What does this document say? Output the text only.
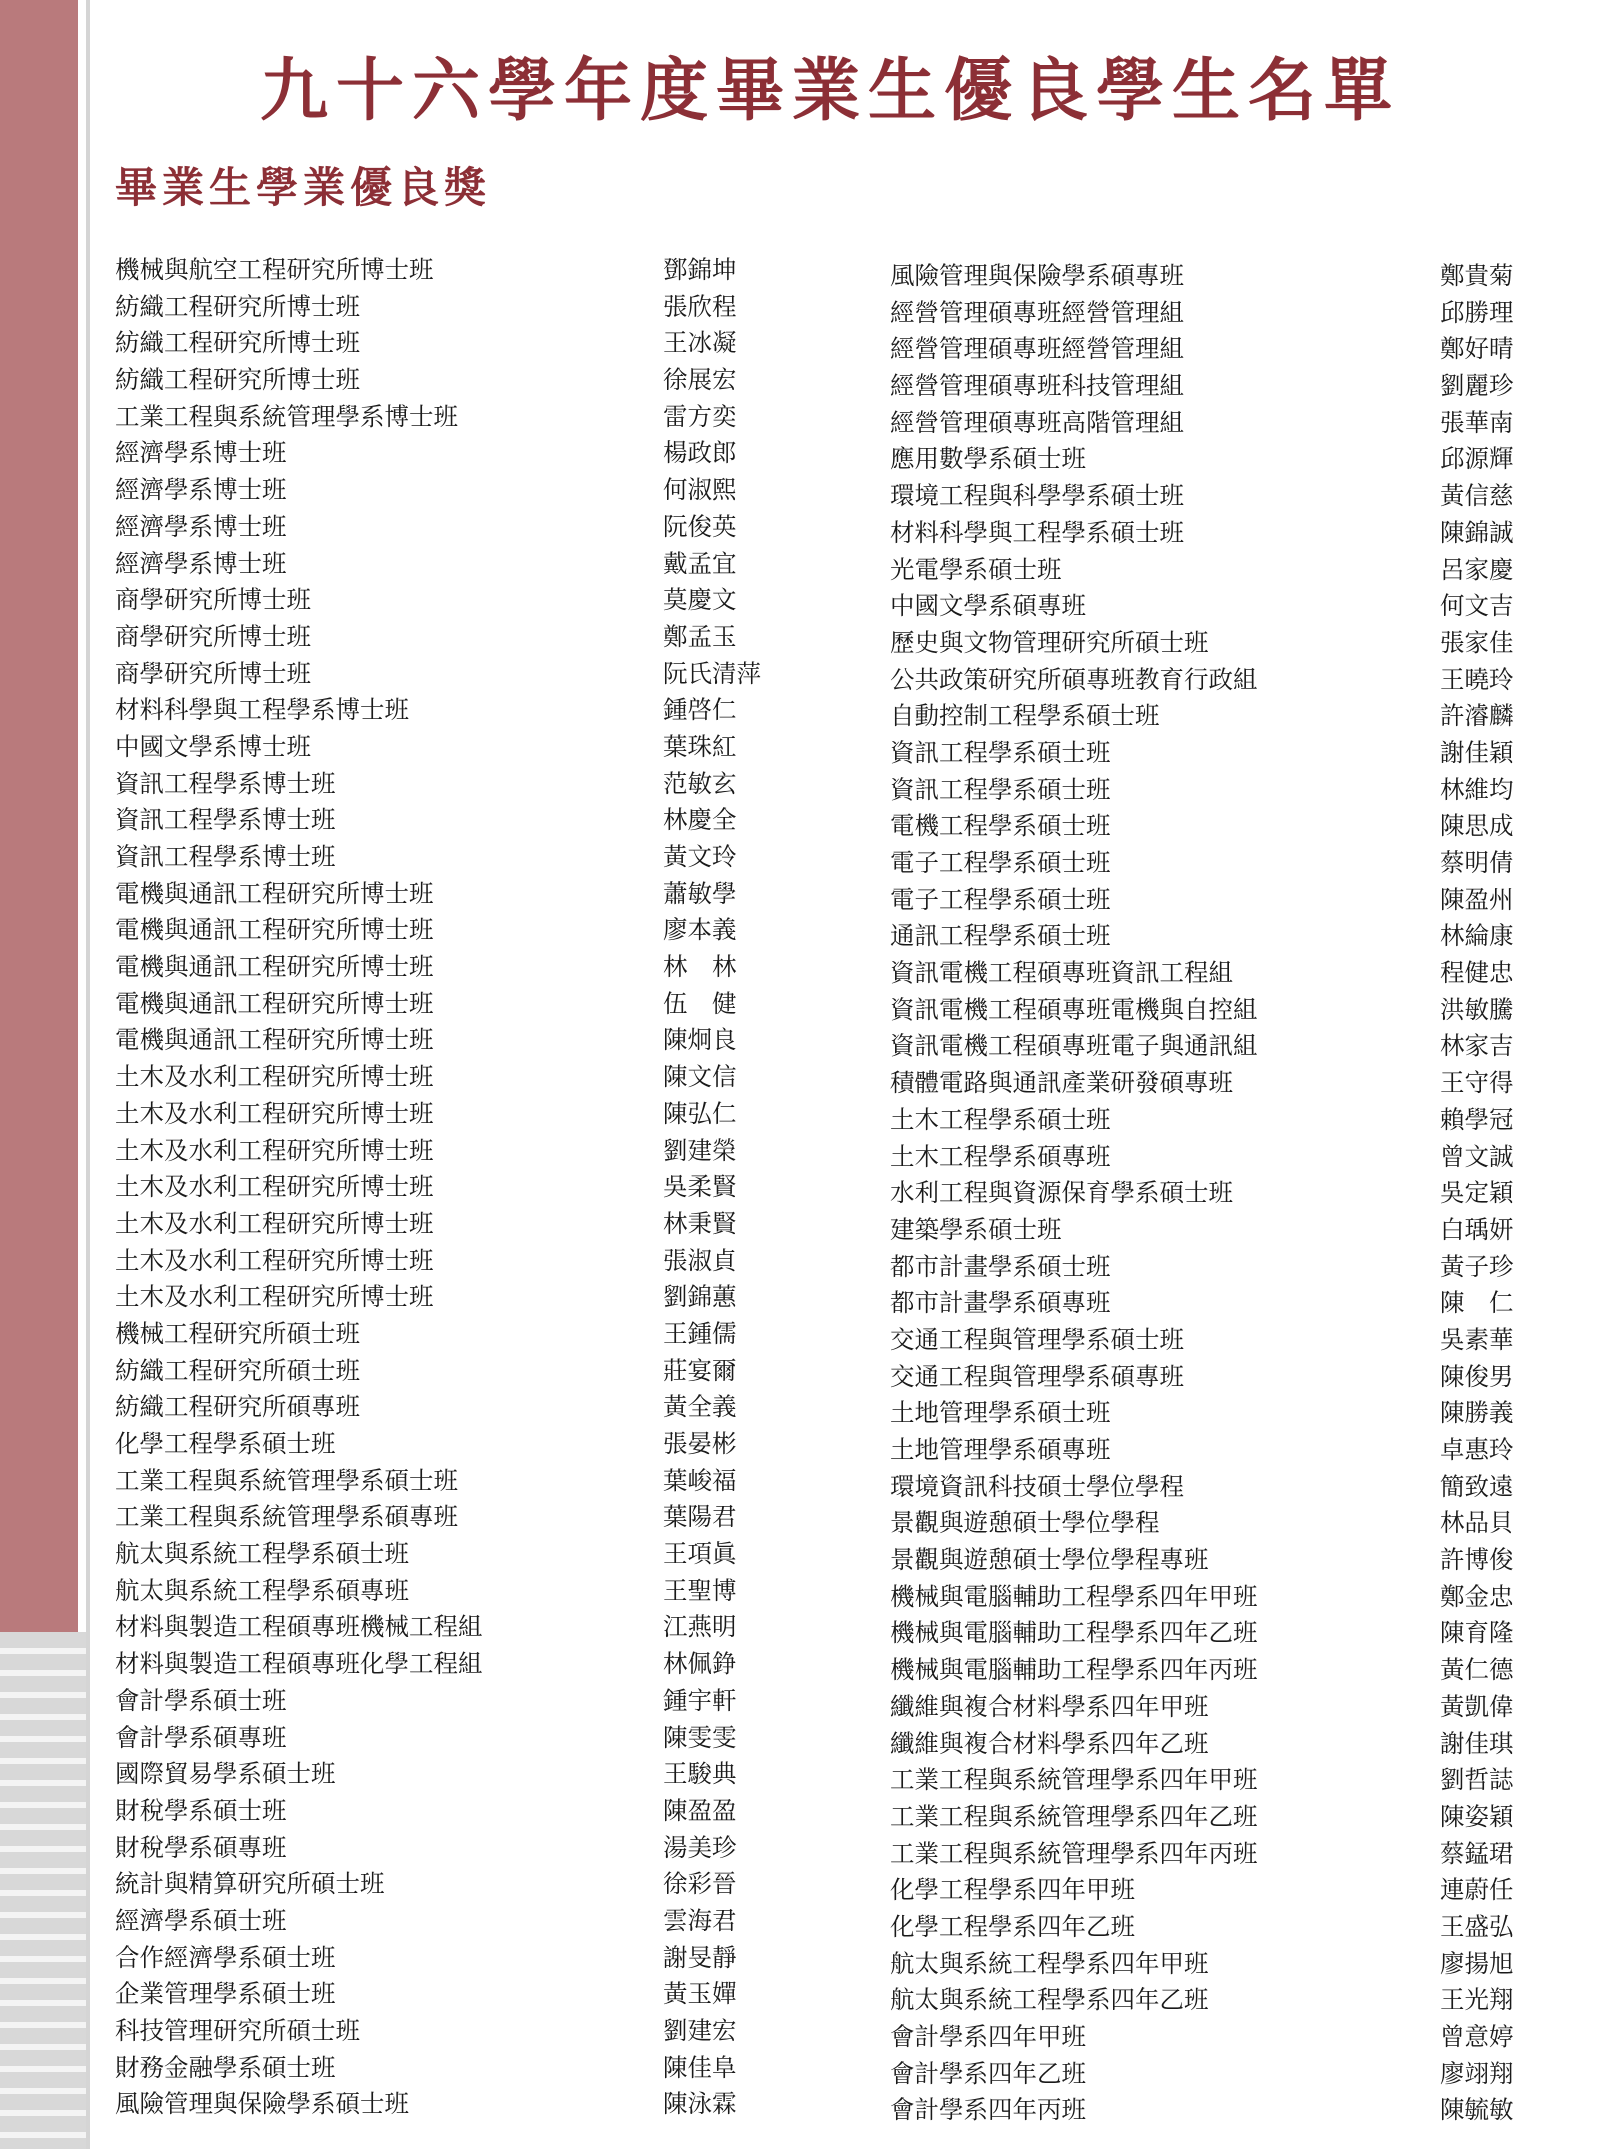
九十六學年度畢業生優良學生名單
畢業生學業優良獎
機械與航空工程研究所博士班	鄧錦坤
紡織工程研究所博士班	張欣程
紡織工程研究所博士班	王冰凝
紡織工程研究所博士班	徐展宏
工業工程與系統管理學系博士班	雷方奕
經濟學系博士班	楊政郎
經濟學系博士班	何淑熙
經濟學系博士班	阮俊英
經濟學系博士班	戴孟宜
商學研究所博士班	莫慶文
商學研究所博士班	鄭孟玉
商學研究所博士班	阮氏清萍
材料科學與工程學系博士班	鍾啓仁
中國文學系博士班	葉珠紅
資訊工程學系博士班	范敏玄
資訊工程學系博士班	林慶全
資訊工程學系博士班	黃文玲
電機與通訊工程研究所博士班	蕭敏學
電機與通訊工程研究所博士班	廖本義
電機與通訊工程研究所博士班	林　林
電機與通訊工程研究所博士班	伍　健
電機與通訊工程研究所博士班	陳炯良
土木及水利工程研究所博士班	陳文信
土木及水利工程研究所博士班	陳弘仁
土木及水利工程研究所博士班	劉建榮
土木及水利工程研究所博士班	吳柔賢
土木及水利工程研究所博士班	林秉賢
土木及水利工程研究所博士班	張淑貞
土木及水利工程研究所博士班	劉錦蕙
機械工程研究所碩士班	王鍾儒
紡織工程研究所碩士班	莊宴爾
紡織工程研究所碩專班	黃全義
化學工程學系碩士班	張晏彬
工業工程與系統管理學系碩士班	葉峻福
工業工程與系統管理學系碩專班	葉陽君
航太與系統工程學系碩士班	王項眞
航太與系統工程學系碩專班	王聖博
材料與製造工程碩專班機械工程組	江燕明
材料與製造工程碩專班化學工程組	林佩錚
會計學系碩士班	鍾宇軒
會計學系碩專班	陳雯雯
國際貿易學系碩士班	王駿典
財稅學系碩士班	陳盈盈
財稅學系碩專班	湯美珍
統計與精算研究所碩士班	徐彩晉
經濟學系碩士班	雲海君
合作經濟學系碩士班	謝旻靜
企業管理學系碩士班	黃玉嬋
科技管理研究所碩士班	劉建宏
財務金融學系碩士班	陳佳阜
風險管理與保險學系碩士班	陳泳霖
風險管理與保險學系碩專班	鄭貴菊
經營管理碩專班經營管理組	邱勝理
經營管理碩專班經營管理組	鄭好晴
經營管理碩專班科技管理組	劉麗珍
經營管理碩專班高階管理組	張華南
應用數學系碩士班	邱源輝
環境工程與科學學系碩士班	黃信慈
材料科學與工程學系碩士班	陳錦誠
光電學系碩士班	呂家慶
中國文學系碩專班	何文吉
歷史與文物管理研究所碩士班	張家佳
公共政策研究所碩專班教育行政組	王曉玲
自動控制工程學系碩士班	許濬麟
資訊工程學系碩士班	謝佳穎
資訊工程學系碩士班	林維均
電機工程學系碩士班	陳思成
電子工程學系碩士班	蔡明倩
電子工程學系碩士班	陳盈州
通訊工程學系碩士班	林綸康
資訊電機工程碩專班資訊工程組	程健忠
資訊電機工程碩專班電機與自控組	洪敏騰
資訊電機工程碩專班電子與通訊組	林家吉
積體電路與通訊產業研發碩專班	王守得
土木工程學系碩士班	賴學冠
土木工程學系碩專班	曾文誠
水利工程與資源保育學系碩士班	吳定穎
建築學系碩士班	白瑀妍
都市計畫學系碩士班	黃子珍
都市計畫學系碩專班	陳　仁
交通工程與管理學系碩士班	吳素華
交通工程與管理學系碩專班	陳俊男
土地管理學系碩士班	陳勝義
土地管理學系碩專班	卓惠玲
環境資訊科技碩士學位學程	簡致遠
景觀與遊憩碩士學位學程	林品貝
景觀與遊憩碩士學位學程專班	許博俊
機械與電腦輔助工程學系四年甲班	鄭金忠
機械與電腦輔助工程學系四年乙班	陳育隆
機械與電腦輔助工程學系四年丙班	黃仁德
纖維與複合材料學系四年甲班	黃凱偉
纖維與複合材料學系四年乙班	謝佳琪
工業工程與系統管理學系四年甲班	劉哲誌
工業工程與系統管理學系四年乙班	陳姿穎
工業工程與系統管理學系四年丙班	蔡錳珺
化學工程學系四年甲班	連蔚任
化學工程學系四年乙班	王盛弘
航太與系統工程學系四年甲班	廖揚旭
航太與系統工程學系四年乙班	王光翔
會計學系四年甲班	曾意婷
會計學系四年乙班	廖翊翔
會計學系四年丙班	陳毓敏
